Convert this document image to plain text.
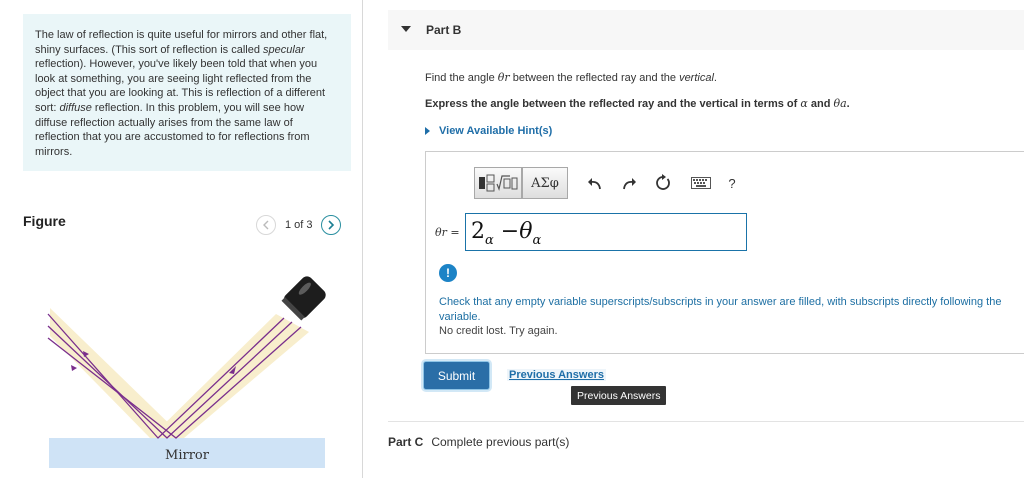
The law of reflection is quite useful for mirrors and other flat, shiny surfaces. (This sort of reflection is called specular reflection). However, you've likely been told that when you look at something, you are seeing light reflected from the object that you are looking at. This is reflection of a different sort: diffuse reflection. In this problem, you will see how diffuse reflection actually arises from the same law of reflection that you are accustomed to for reflections from mirrors.
Figure	1 of 3
Mirror
Part B
Find the angle θr between the reflected ray and the vertical.
Express the angle between the reflected ray and the vertical in terms of α and θa.
View Available Hint(s)
ΑΣφ	?
$\theta r = 2_\alpha -\theta_\alpha$
!
Check that any empty variable superscripts/subscripts in your answer are filled, with subscripts directly following the variable.
No credit lost. Try again.
Submit	Previous Answers
Previous Answers
Part C Complete previous part(s)
